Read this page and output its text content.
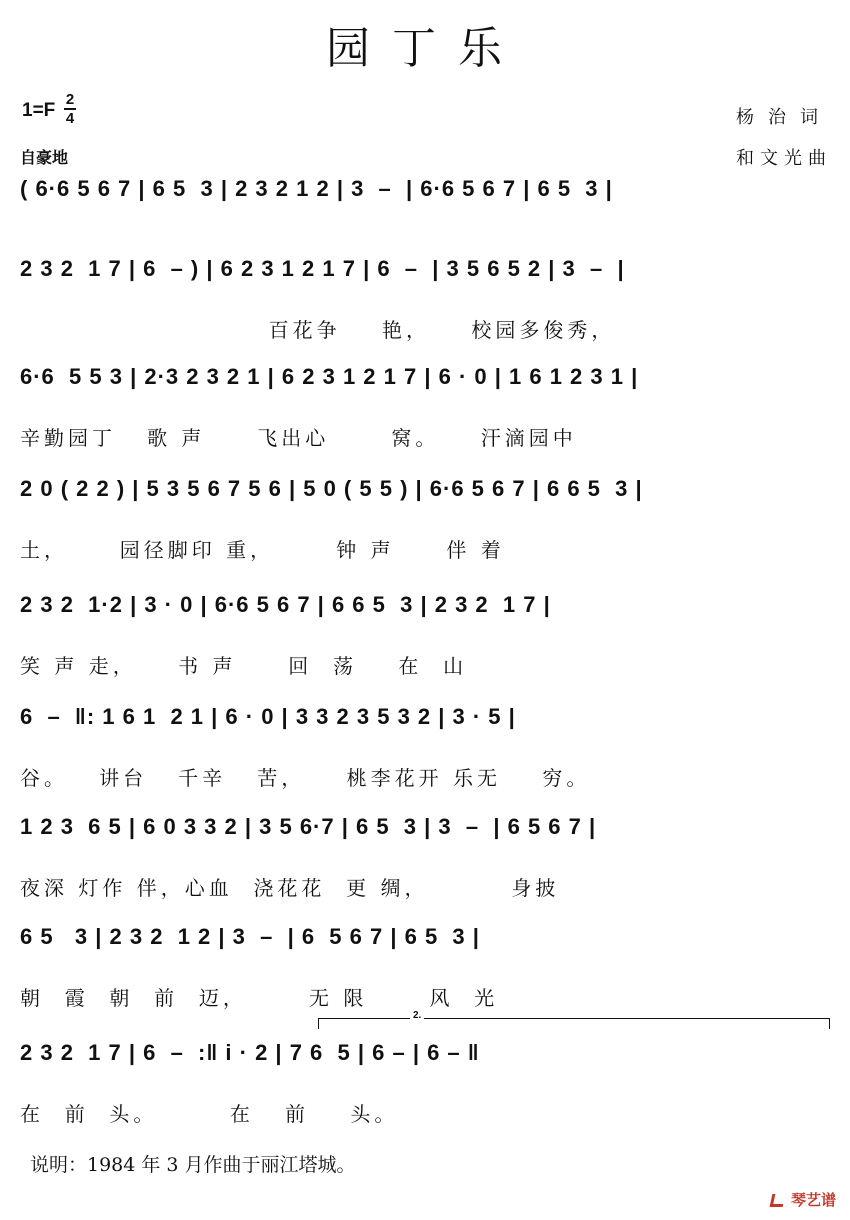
园丁乐
1=F
2
4
自豪地
杨治词
和文光曲
( 6·6 5 6 7 | 6 5  3 | 2 3 2 1 2 | 3  –  | 6·6 5 6 7 | 6 5  3 |
2 3 2  1 7 | 6  – ) | 6 2 3 1 2 1 7 | 6  –  | 3 5 6 5 2 | 3  –  |
百花争    艳，    校园多俊秀，
6·6  5 5 3 | 2·3 2 3 2 1 | 6 2 3 1 2 1 7 | 6 · 0 | 1 6 1 2 3 1 |
辛勤园丁   歌 声     飞出心      窝。    汗滴园中
2 0 ( 2 2 ) | 5 3 5 6 7 5 6 | 5 0 ( 5 5 ) | 6·6 5 6 7 | 6 6 5  3 |
土，     园径脚印 重，      钟 声     伴 着
2 3 2  1·2 | 3 · 0 | 6·6 5 6 7 | 6 6 5  3 | 2 3 2  1 7 |
笑 声 走，    书 声     回  荡    在  山
6  –  ‖: 1 6 1  2 1 | 6 · 0 | 3 3 2 3 5 3 2 | 3 · 5 |
谷。   讲台   千辛   苦，    桃李花开 乐无    穷。
1 2 3  6 5 | 6 0 3 3 2 | 3 5 6·7 | 6 5  3 | 3  –  | 6 5 6 7 |
夜深 灯作 伴，心血  浇花花  更 绸，        身披
6 5   3 | 2 3 2  1 2 | 3  –  | 6  5 6 7 | 6 5  3 |
朝  霞  朝  前  迈，      无 限      风  光
2.
2 3 2  1 7 | 6  –  :‖ i · 2 | 7 6  5 | 6 – | 6 – ‖
在  前  头。       在   前    头。
说明：1984 年 3 月作曲于丽江塔城。
琴艺谱
